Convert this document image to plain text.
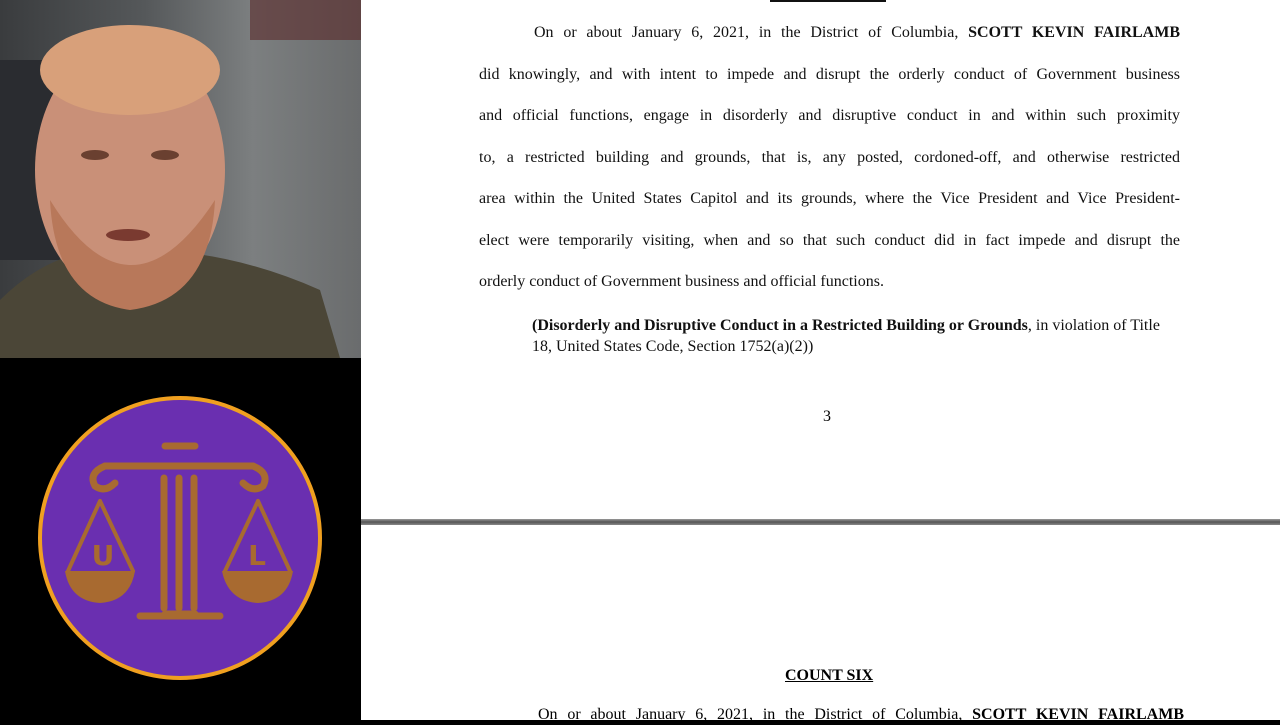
U	L
On or about January 6, 2021, in the District of Columbia, SCOTT KEVIN FAIRLAMB
did knowingly, and with intent to impede and disrupt the orderly conduct of Government business
and official functions, engage in disorderly and disruptive conduct in and within such proximity
to, a restricted building and grounds, that is, any posted, cordoned-off, and otherwise restricted
area within the United States Capitol and its grounds, where the Vice President and Vice President-
elect were temporarily visiting, when and so that such conduct did in fact impede and disrupt the
orderly conduct of Government business and official functions.
(Disorderly and Disruptive Conduct in a Restricted Building or Grounds, in violation of Title 18, United States Code, Section 1752(a)(2))
3
COUNT SIX
On or about January 6, 2021, in the District of Columbia, SCOTT KEVIN FAIRLAMB
